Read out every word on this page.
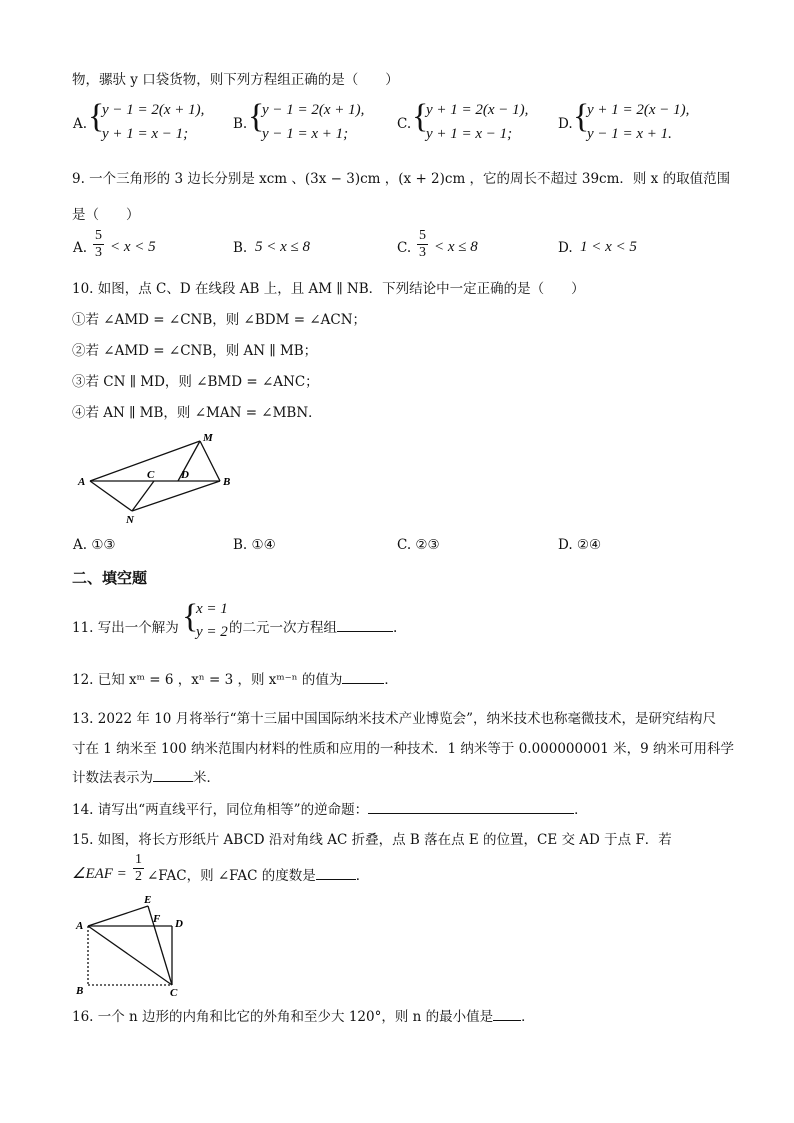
物，骡驮 y 口袋货物，则下列方程组正确的是（　　）
A. {
y − 1 = 2(x + 1),
y + 1 = x − 1;
B. {
y − 1 = 2(x + 1),
y − 1 = x + 1;
C. {
y + 1 = 2(x − 1),
y + 1 = x − 1;
D. {
y + 1 = 2(x − 1),
y − 1 = x + 1.
9. 一个三角形的 3 边长分别是 xcm 、(3x − 3)cm ，(x + 2)cm ，它的周长不超过 39cm．则 x 的取值范围
是（　　）
A. $\frac{5}{3} < x < 5$	B. 5 < x ≤ 8	C. $\frac{5}{3} < x \le 8$	D. 1 < x < 5
10. 如图，点 C、D 在线段 AB 上，且 AM ∥ NB．下列结论中一定正确的是（　　）
①若 ∠AMD = ∠CNB，则 ∠BDM = ∠ACN；
②若 ∠AMD = ∠CNB，则 AN ∥ MB；
③若 CN ∥ MD，则 ∠BMD = ∠ANC；
④若 AN ∥ MB，则 ∠MAN = ∠MBN．
A	B
C D
M
N
A. ①③	B. ①④	C. ②③	D. ②④
二、填空题
11. 写出一个解为 {
x = 1
y = 2 的二元一次方程组	.
12. 已知 xᵐ = 6 ，xⁿ = 3 ，则 xᵐ⁻ⁿ 的值为	．
13. 2022 年 10 月将举行“第十三届中国国际纳米技术产业博览会”，纳米技术也称毫微技术，是研究结构尺
寸在 1 纳米至 100 纳米范围内材料的性质和应用的一种技术．1 纳米等于 0.000000001 米，9 纳米可用科学
计数法表示为	米．
14. 请写出“两直线平行，同位角相等”的逆命题：	．
15. 如图，将长方形纸片 ABCD 沿对角线 AC 折叠，点 B 落在点 E 的位置，CE 交 AD 于点 F．若
∠EAF = $\frac{1}{2}$ ∠FAC，则 ∠FAC 的度数是	．
A
B	C
D
E
F
16. 一个 n 边形的内角和比它的外角和至少大 120°，则 n 的最小值是 ．
